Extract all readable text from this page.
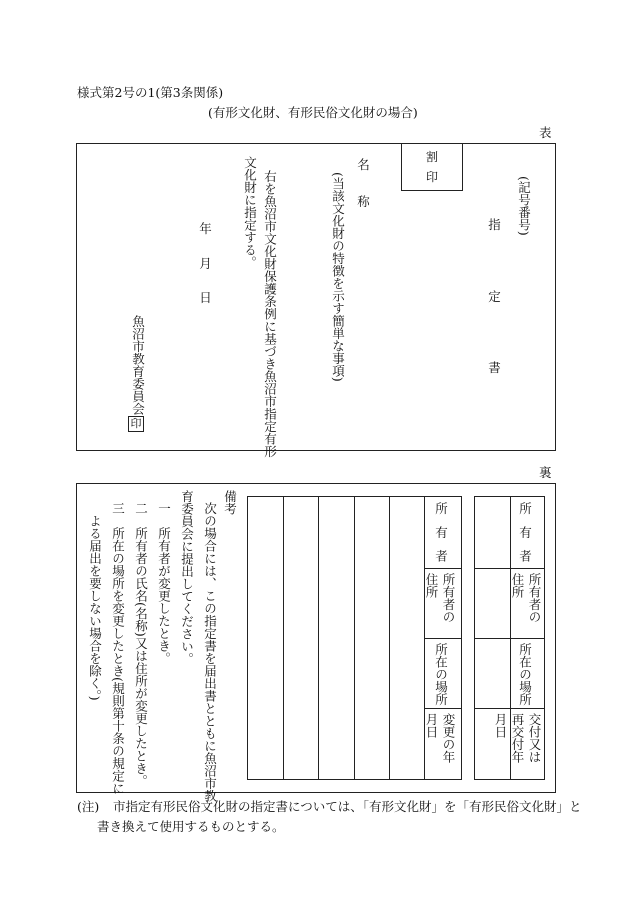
様式第2号の1(第3条関係)
(有形文化財、有形民俗文化財の場合)
表
(記号番号)
指
定
書
割
印
名　称
(当該文化財の特徴を示す簡単な事項)
右を魚沼市文化財保護条例に基づき魚沼市指定有形
文化財に指定する。
年
月
日
魚沼市教育委員会
印
裏
所有者
所有者の住所
所在の場所
交付又は再交付年月日
所有者
所有者の住所
所在の場所
変更の年月日
備考
次の場合には、この指定書を届出書とともに魚沼市教
育委員会に提出してください。
一　所有者が変更したとき。
二　所有者の氏名(名称)又は住所が変更したとき。
三　所在の場所を変更したとき(規則第十条の規定に
　よる届出を要しない場合を除く。)
(注) 市指定有形民俗文化財の指定書については、「有形文化財」を「有形民俗文化財」と
書き換えて使用するものとする。
